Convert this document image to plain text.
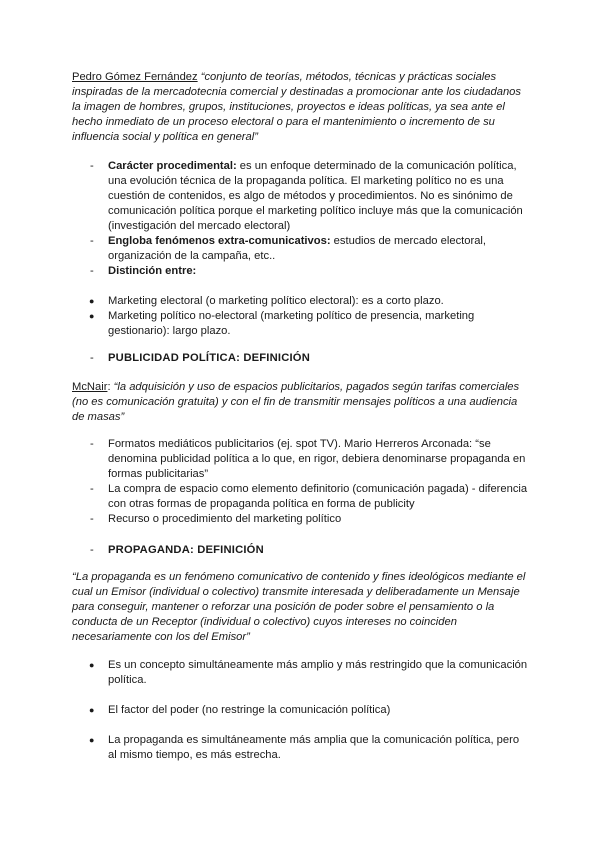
Pedro Gómez Fernández “conjunto de teorías, métodos, técnicas y prácticas sociales inspiradas de la mercadotecnia comercial y destinadas a promocionar ante los ciudadanos la imagen de hombres, grupos, instituciones, proyectos e ideas políticas, ya sea ante el hecho inmediato de un proceso electoral o para el mantenimiento o incremento de su influencia social y política en general”
- Carácter procedimental: es un enfoque determinado de la comunicación política, una evolución técnica de la propaganda política. El marketing político no es una cuestión de contenidos, es algo de métodos y procedimientos. No es sinónimo de comunicación política porque el marketing político incluye más que la comunicación (investigación del mercado electoral)
- Engloba fenómenos extra-comunicativos: estudios de mercado electoral, organización de la campaña, etc..
- Distinción entre:
● Marketing electoral (o marketing político electoral): es a corto plazo.
● Marketing político no-electoral (marketing político de presencia, marketing gestionario): largo plazo.
- PUBLICIDAD POLÍTICA: DEFINICIÓN
McNair: “la adquisición y uso de espacios publicitarios, pagados según tarifas comerciales (no es comunicación gratuita) y con el fin de transmitir mensajes políticos a una audiencia de masas”
- Formatos mediáticos publicitarios (ej. spot TV). Mario Herreros Arconada: “se denomina publicidad política a lo que, en rigor, debiera denominarse propaganda en formas publicitarias”
- La compra de espacio como elemento definitorio (comunicación pagada) - diferencia con otras formas de propaganda política en forma de publicity
- Recurso o procedimiento del marketing político
- PROPAGANDA: DEFINICIÓN
“La propaganda es un fenómeno comunicativo de contenido y fines ideológicos mediante el cual un Emisor (individual o colectivo) transmite interesada y deliberadamente un Mensaje para conseguir, mantener o reforzar una posición de poder sobre el pensamiento o la conducta de un Receptor (individual o colectivo) cuyos intereses no coinciden necesariamente con los del Emisor”
● Es un concepto simultáneamente más amplio y más restringido que la comunicación política.
● El factor del poder (no restringe la comunicación política)
● La propaganda es simultáneamente más amplia que la comunicación política, pero al mismo tiempo, es más estrecha.
